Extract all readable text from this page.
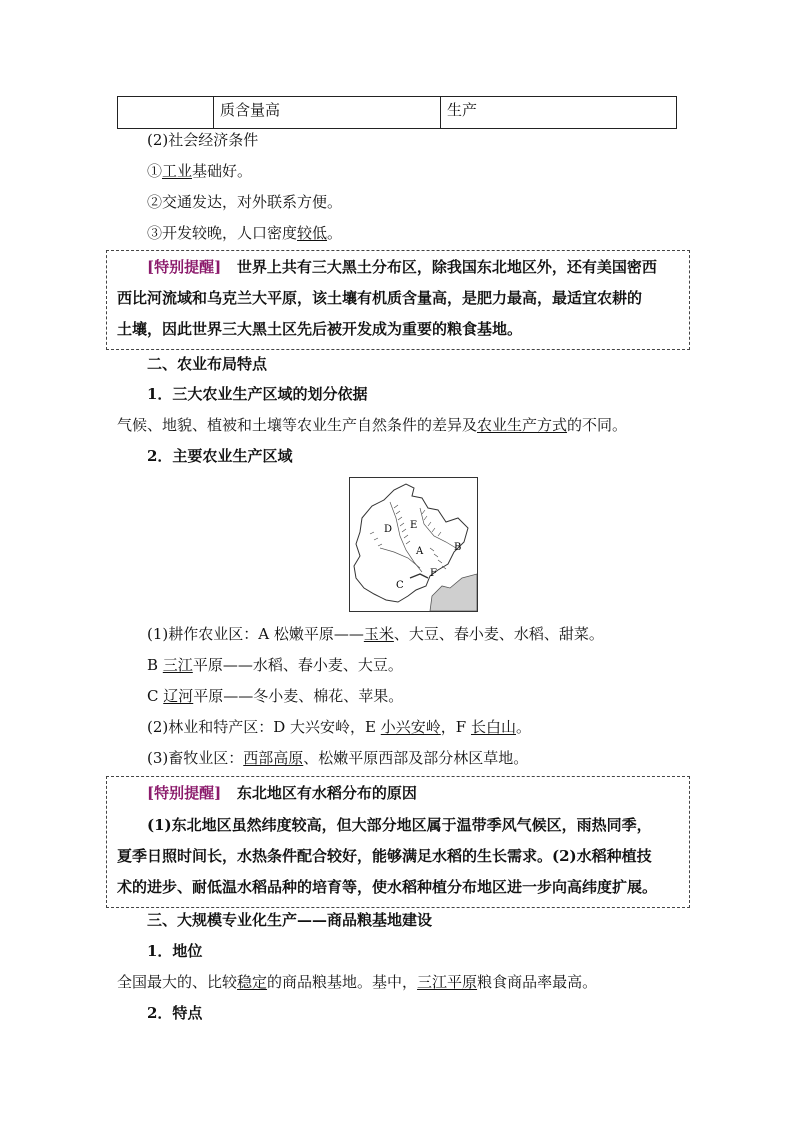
	质含量高	生产
(2)社会经济条件
①工业基础好。
②交通发达，对外联系方便。
③开发较晚，人口密度较低。
[特别提醒] 世界上共有三大黑土分布区，除我国东北地区外，还有美国密西
西比河流域和乌克兰大平原，该土壤有机质含量高，是肥力最高，最适宜农耕的
土壤，因此世界三大黑土区先后被开发成为重要的粮食基地。
二、农业布局特点
1．三大农业生产区域的划分依据
气候、地貌、植被和土壤等农业生产自然条件的差异及农业生产方式的不同。
2．主要农业生产区域
D E
A	B
C
F
(1)耕作农业区：A 松嫩平原——玉米、大豆、春小麦、水稻、甜菜。
B 三江平原——水稻、春小麦、大豆。
C 辽河平原——冬小麦、棉花、苹果。
(2)林业和特产区：D 大兴安岭，E 小兴安岭，F 长白山。
(3)畜牧业区：西部高原、松嫩平原西部及部分林区草地。
[特别提醒] 东北地区有水稻分布的原因
(1)东北地区虽然纬度较高，但大部分地区属于温带季风气候区，雨热同季，
夏季日照时间长，水热条件配合较好，能够满足水稻的生长需求。(2)水稻种植技
术的进步、耐低温水稻品种的培育等，使水稻种植分布地区进一步向高纬度扩展。
三、大规模专业化生产——商品粮基地建设
1．地位
全国最大的、比较稳定的商品粮基地。基中，三江平原粮食商品率最高。
2．特点
